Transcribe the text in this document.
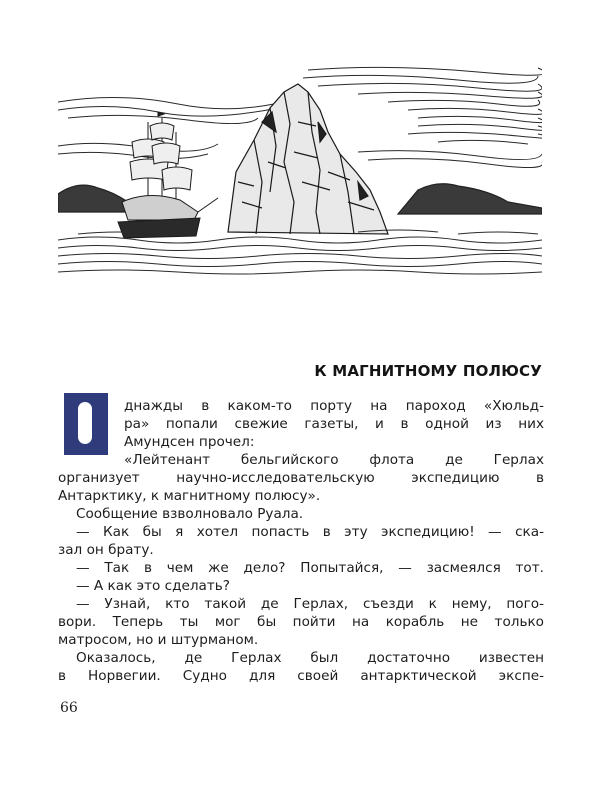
К МАГНИТНОМУ ПОЛЮСУ
днажды в каком-то порту на пароход «Хюльд-
ра» попали свежие газеты, и в одной из них
Амундсен прочел:
«Лейтенант бельгийского флота де Герлах
организует научно-исследовательскую экспедицию в
Антарктику, к магнитному полюсу».
Сообщение взволновало Руала.
— Как бы я хотел попасть в эту экспедицию! — ска-
зал он брату.
— Так в чем же дело? Попытайся, — засмеялся тот.
— А как это сделать?
— Узнай, кто такой де Герлах, съезди к нему, пого-
вори. Теперь ты мог бы пойти на корабль не только
матросом, но и штурманом.
Оказалось, де Герлах был достаточно известен
в Норвегии. Судно для своей антарктической экспе-
66
